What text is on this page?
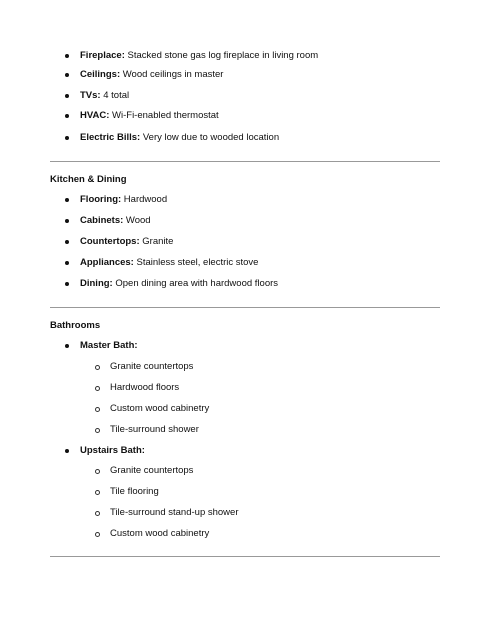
Fireplace: Stacked stone gas log fireplace in living room
Ceilings: Wood ceilings in master
TVs: 4 total
HVAC: Wi-Fi-enabled thermostat
Electric Bills: Very low due to wooded location
Kitchen & Dining
Flooring: Hardwood
Cabinets: Wood
Countertops: Granite
Appliances: Stainless steel, electric stove
Dining: Open dining area with hardwood floors
Bathrooms
Master Bath:
Granite countertops
Hardwood floors
Custom wood cabinetry
Tile-surround shower
Upstairs Bath:
Granite countertops
Tile flooring
Tile-surround stand-up shower
Custom wood cabinetry
